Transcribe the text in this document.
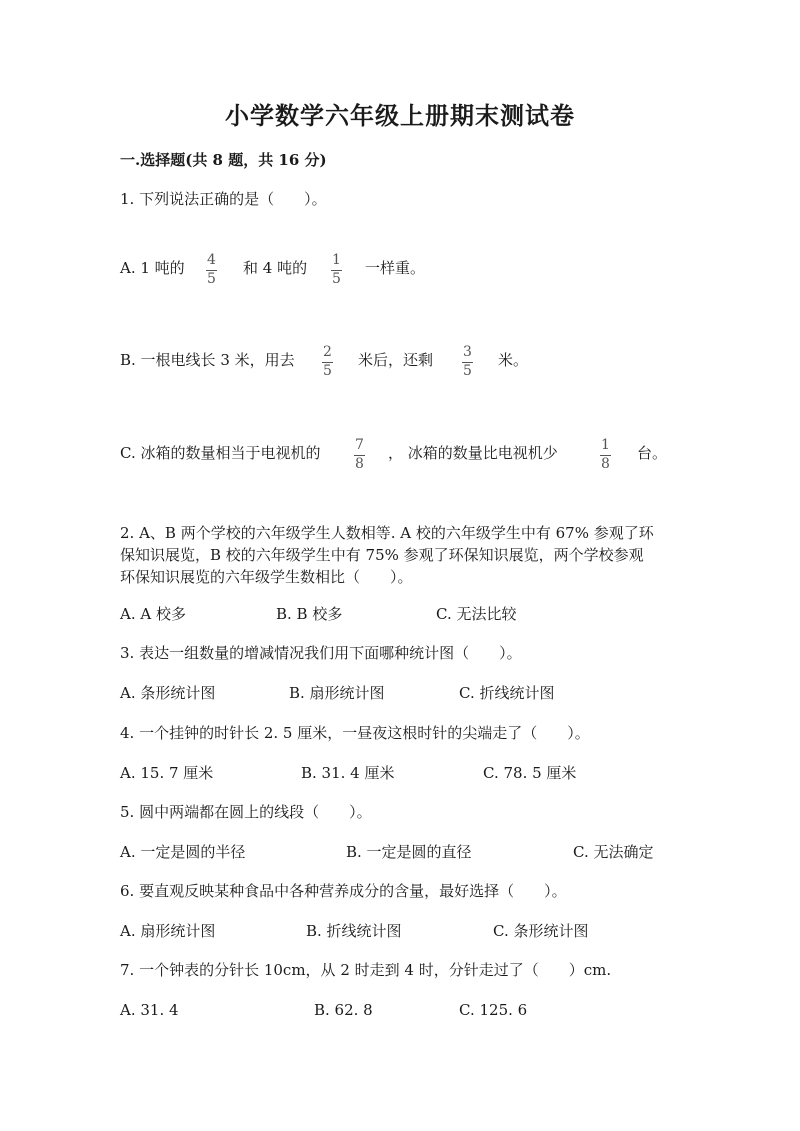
小学数学六年级上册期末测试卷
一.选择题(共 8 题，共 16 分)
1. 下列说法正确的是（　　）。
A. 1 吨的 4
5
和 4 吨的 1
5
一样重。
B. 一根电线长 3 米，用去 2
5
米后，还剩 3
5
米。
C. 冰箱的数量相当于电视机的 7
8
， 冰箱的数量比电视机少	1
8
台。
2. A、B 两个学校的六年级学生人数相等. A 校的六年级学生中有 67% 参观了环
保知识展览，B 校的六年级学生中有 75% 参观了环保知识展览，两个学校参观
环保知识展览的六年级学生数相比（　　）。
A. A 校多	B. B 校多	C. 无法比较
3. 表达一组数量的增减情况我们用下面哪种统计图（　　）。
A. 条形统计图	B. 扇形统计图	C. 折线统计图
4. 一个挂钟的时针长 2. 5 厘米，一昼夜这根时针的尖端走了（　　）。
A. 15. 7 厘米	B. 31. 4 厘米	C. 78. 5 厘米
5. 圆中两端都在圆上的线段（　　）。
A. 一定是圆的半径	B. 一定是圆的直径	C. 无法确定
6. 要直观反映某种食品中各种营养成分的含量，最好选择（　　）。
A. 扇形统计图	B. 折线统计图	C. 条形统计图
7. 一个钟表的分针长 10cm，从 2 时走到 4 时，分针走过了（　　）cm.
A. 31. 4	B. 62. 8	C. 125. 6
